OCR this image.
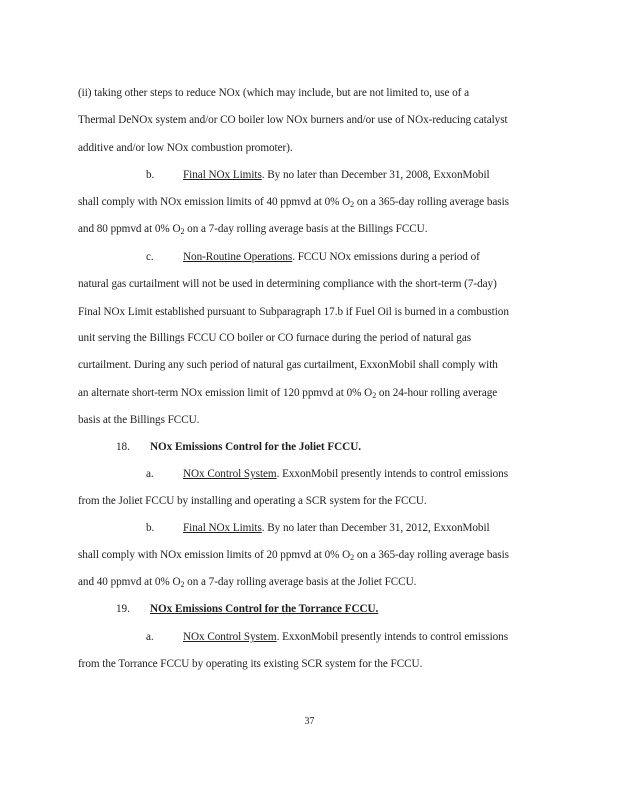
(ii) taking other steps to reduce NOx (which may include, but are not limited to, use of a
Thermal DeNOx system and/or CO boiler low NOx burners and/or use of NOx-reducing catalyst
additive and/or low NOx combustion promoter).
b.	Final NOx Limits. By no later than December 31, 2008, ExxonMobil
shall comply with NOx emission limits of 40 ppmvd at 0% $O_2$ on a 365-day rolling average basis
and 80 ppmvd at 0% $O_2$ on a 7-day rolling average basis at the Billings FCCU.
c.	Non-Routine Operations. FCCU NOx emissions during a period of
natural gas curtailment will not be used in determining compliance with the short-term (7-day)
Final NOx Limit established pursuant to Subparagraph 17.b if Fuel Oil is burned in a combustion
unit serving the Billings FCCU CO boiler or CO furnace during the period of natural gas
curtailment. During any such period of natural gas curtailment, ExxonMobil shall comply with
an alternate short-term NOx emission limit of 120 ppmvd at 0% $O_2$ on 24-hour rolling average
basis at the Billings FCCU.
18. NOx Emissions Control for the Joliet FCCU.
a.	NOx Control System. ExxonMobil presently intends to control emissions
from the Joliet FCCU by installing and operating a SCR system for the FCCU.
b.	Final NOx Limits. By no later than December 31, 2012, ExxonMobil
shall comply with NOx emission limits of 20 ppmvd at 0% $O_2$ on a 365-day rolling average basis
and 40 ppmvd at 0% $O_2$ on a 7-day rolling average basis at the Joliet FCCU.
19. NOx Emissions Control for the Torrance FCCU.
a.	NOx Control System. ExxonMobil presently intends to control emissions
from the Torrance FCCU by operating its existing SCR system for the FCCU.
37
